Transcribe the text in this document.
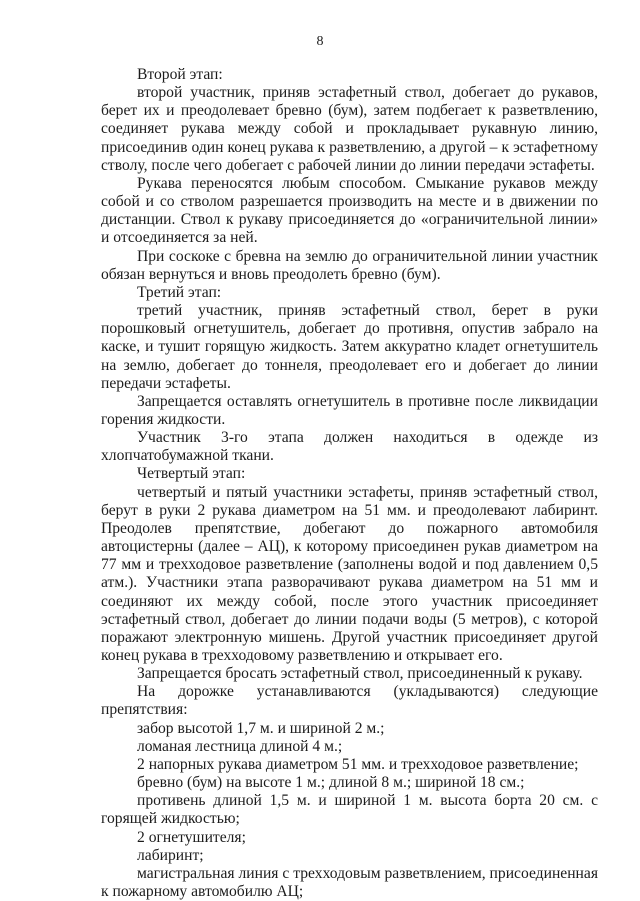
8

Второй этап:

второй участник, приняв эстафетный ствол, добегает до рукавов, берет их и преодолевает бревно (бум), затем подбегает к разветвлению, соединяет рукава между собой и прокладывает рукавную линию, присоединив один конец рукава к разветвлению, а другой – к эстафетному стволу, после чего добегает с рабочей линии до линии передачи эстафеты.

Рукава переносятся любым способом. Смыкание рукавов между собой и со стволом разрешается производить на месте и в движении по дистанции. Ствол к рукаву присоединяется до «ограничительной линии» и отсоединяется за ней.

При соскоке с бревна на землю до ограничительной линии участник обязан вернуться и вновь преодолеть бревно (бум).

Третий этап:

третий участник, приняв эстафетный ствол, берет в руки порошковый огнетушитель, добегает до противня, опустив забрало на каске, и тушит горящую жидкость. Затем аккуратно кладет огнетушитель на землю, добегает до тоннеля, преодолевает его и добегает до линии передачи эстафеты.

Запрещается оставлять огнетушитель в противне после ликвидации горения жидкости.

Участник 3-го этапа должен находиться в одежде из хлопчатобумажной ткани.

Четвертый этап:

четвертый и пятый участники эстафеты, приняв эстафетный ствол, берут в руки 2 рукава диаметром на 51 мм. и преодолевают лабиринт. Преодолев препятствие, добегают до пожарного автомобиля автоцистерны (далее – АЦ), к которому присоединен рукав диаметром на 77 мм и трехходовое разветвление (заполнены водой и под давлением 0,5 атм.). Участники этапа разворачивают рукава диаметром на 51 мм и соединяют их между собой, после этого участник присоединяет эстафетный ствол, добегает до линии подачи воды (5 метров), с которой поражают электронную мишень. Другой участник присоединяет другой конец рукава в трехходовому разветвлению и открывает его.

Запрещается бросать эстафетный ствол, присоединенный к рукаву.

На дорожке устанавливаются (укладываются) следующие препятствия:

забор высотой 1,7 м. и шириной 2 м.;

ломаная лестница длиной 4 м.;

2 напорных рукава диаметром 51 мм. и трехходовое разветвление;

бревно (бум) на высоте 1 м.; длиной 8 м.; шириной 18 см.;

противень длиной 1,5 м. и шириной 1 м. высота борта 20 см. с горящей жидкостью;

2 огнетушителя;

лабиринт;

магистральная линия с трехходовым разветвлением, присоединенная к пожарному автомобилю АЦ;
